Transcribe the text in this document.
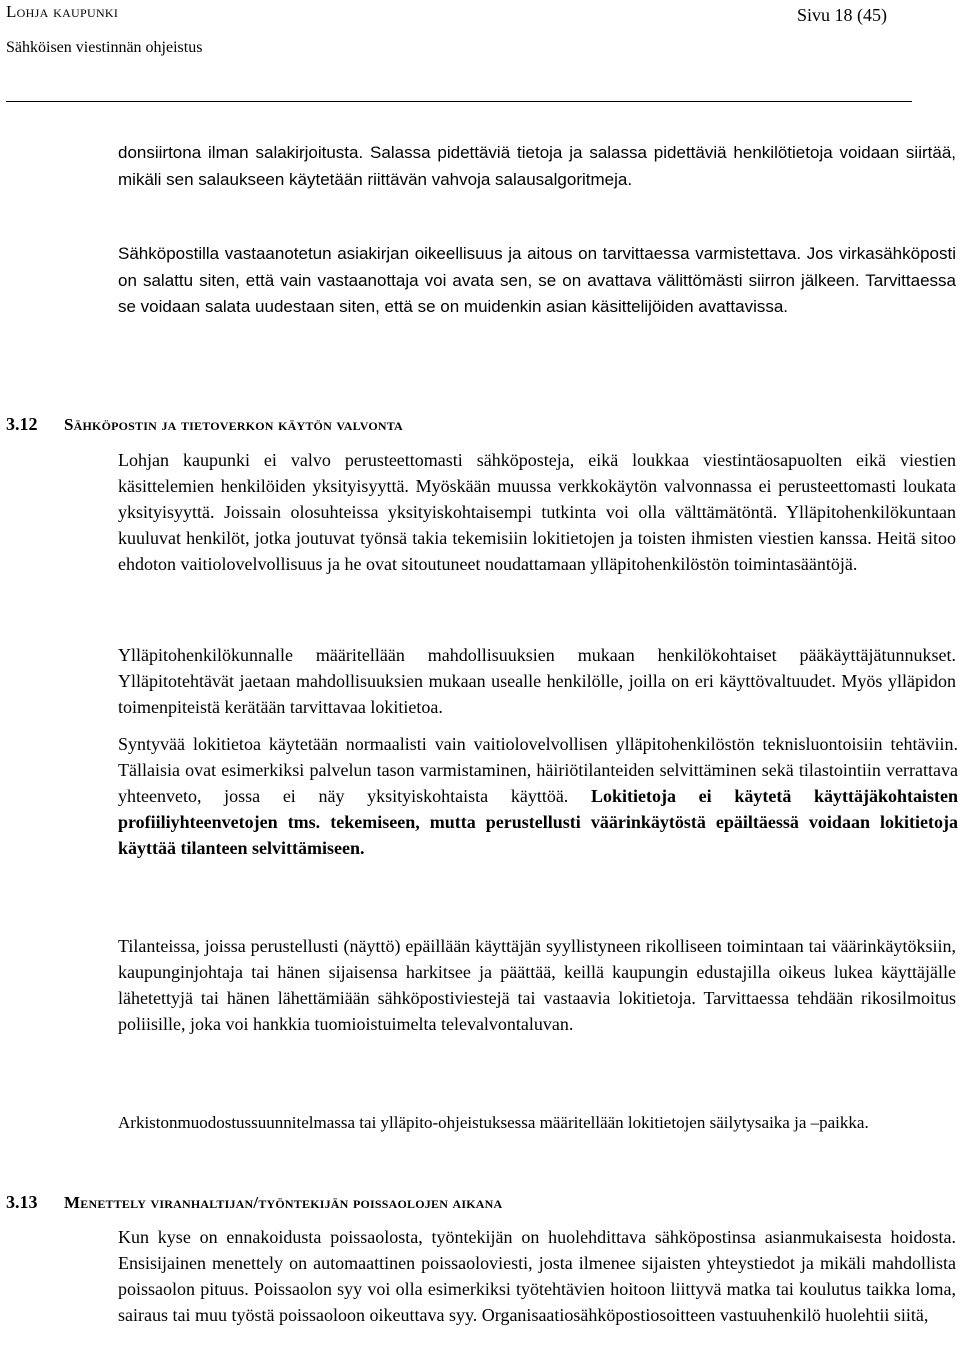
Lohja kaupunki
Sähköisen viestinnän ohjeistus
Sivu 18 (45)

donsiirtona ilman salakirjoitusta. Salassa pidettäviä tietoja ja salassa pidettäviä henkilötietoja voidaan siirtää, mikäli sen salaukseen käytetään riittävän vahvoja salausalgoritmeja.

Sähköpostilla vastaanotetun asiakirjan oikeellisuus ja aitous on tarvittaessa varmistettava. Jos virkasähköposti on salattu siten, että vain vastaanottaja voi avata sen, se on avattava välittömästi siirron jälkeen. Tarvittaessa se voidaan salata uudestaan siten, että se on muidenkin asian käsittelijöiden avattavissa.

3.12 Sähköpostin ja tietoverkon käytön valvonta

Lohjan kaupunki ei valvo perusteettomasti sähköposteja, eikä loukkaa viestintäosapuolten eikä viestien käsittelemien henkilöiden yksityisyyttä. Myöskään muussa verkkokäytön valvonnassa ei perusteettomasti loukata yksityisyyttä. Joissain olosuhteissa yksityiskohtaisempi tutkinta voi olla välttämätöntä. Ylläpitohenkilökuntaan kuuluvat henkilöt, jotka joutuvat työnsä takia tekemisiin lokitietojen ja toisten ihmisten viestien kanssa. Heitä sitoo ehdoton vaitiolovelvollisuus ja he ovat sitoutuneet noudattamaan ylläpitohenkilöstön toimintasääntöjä.

Ylläpitohenkilökunnalle määritellään mahdollisuuksien mukaan henkilökohtaiset pääkäyttäjätunnukset. Ylläpitotehtävät jaetaan mahdollisuuksien mukaan usealle henkilölle, joilla on eri käyttövaltuudet. Myös ylläpidon toimenpiteistä kerätään tarvittavaa lokitietoa.

Syntyvää lokitietoa käytetään normaalisti vain vaitiolovelvollisen ylläpitohenkilöstön teknisluontoisiin tehtäviin. Tällaisia ovat esimerkiksi palvelun tason varmistaminen, häiriötilanteiden selvittäminen sekä tilastointiin verrattava yhteenveto, jossa ei näy yksityiskohtaista käyttöä. Lokitietoja ei käytetä käyttäjäkohtaisten profiiliyhteenvetojen tms. tekemiseen, mutta perustellusti väärinkäytöstä epäiltäessä voidaan lokitietoja käyttää tilanteen selvittämiseen.

Tilanteissa, joissa perustellusti (näyttö) epäillään käyttäjän syyllistyneen rikolliseen toimintaan tai väärinkäytöksiin, kaupunginjohtaja tai hänen sijaisensa harkitsee ja päättää, keillä kaupungin edustajilla oikeus lukea käyttäjälle lähetettyjä tai hänen lähettämiään sähköpostiviestejä tai vastaavia lokitietoja. Tarvittaessa tehdään rikosilmoitus poliisille, joka voi hankkia tuomioistuimelta televalvontaluvan.

Arkistonmuodostussuunnitelmassa tai ylläpito-ohjeistuksessa määritellään lokitietojen säilytysaika ja –paikka.

3.13 Menettely viranhaltijan/työntekijän poissaolojen aikana

Kun kyse on ennakoidusta poissaolosta, työntekijän on huolehdittava sähköpostinsa asianmukaisesta hoidosta. Ensisijainen menettely on automaattinen poissaoloviesti, josta ilmenee sijaisten yhteystiedot ja mikäli mahdollista poissaolon pituus. Poissaolon syy voi olla esimerkiksi työtehtävien hoitoon liittyvä matka tai koulutus taikka loma, sairaus tai muu työstä poissaoloon oikeuttava syy. Organisaatiosähköpostiosoitteen vastuuhenkilö huolehtii siitä,
